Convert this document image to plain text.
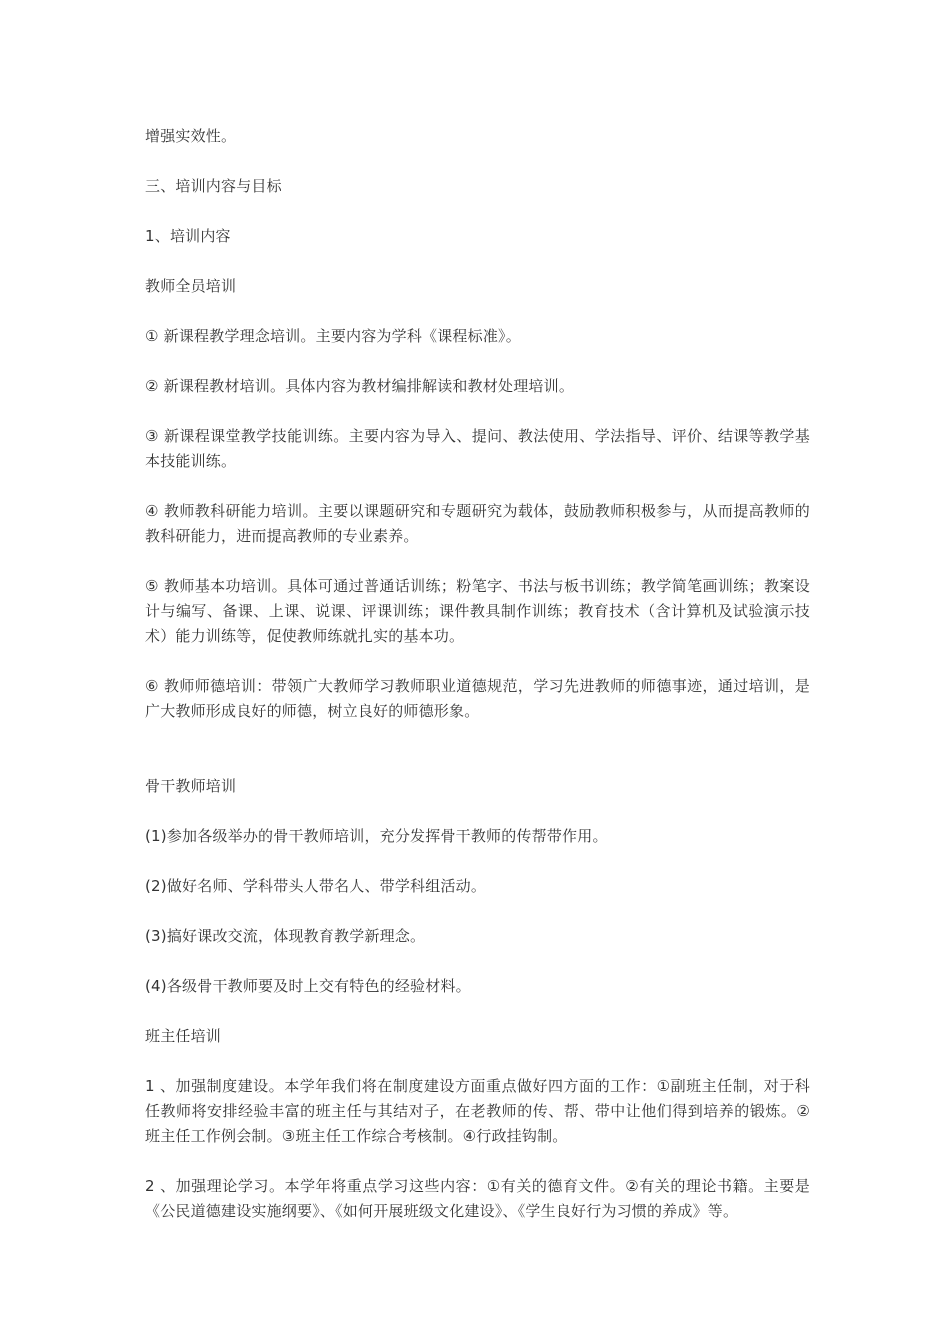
增强实效性。

三、培训内容与目标

1、培训内容

教师全员培训

① 新课程教学理念培训。主要内容为学科《课程标准》。

② 新课程教材培训。具体内容为教材编排解读和教材处理培训。

③ 新课程课堂教学技能训练。主要内容为导入、提问、教法使用、学法指导、评价、结课等教学基本技能训练。

④ 教师教科研能力培训。主要以课题研究和专题研究为载体，鼓励教师积极参与，从而提高教师的教科研能力，进而提高教师的专业素养。

⑤ 教师基本功培训。具体可通过普通话训练；粉笔字、书法与板书训练；教学简笔画训练；教案设计与编写、备课、上课、说课、评课训练；课件教具制作训练；教育技术（含计算机及试验演示技术）能力训练等，促使教师练就扎实的基本功。

⑥ 教师师德培训：带领广大教师学习教师职业道德规范，学习先进教师的师德事迹，通过培训，是广大教师形成良好的师德，树立良好的师德形象。

骨干教师培训

(1)参加各级举办的骨干教师培训，充分发挥骨干教师的传帮带作用。

(2)做好名师、学科带头人带名人、带学科组活动。

(3)搞好课改交流，体现教育教学新理念。

(4)各级骨干教师要及时上交有特色的经验材料。

班主任培训

1 、加强制度建设。本学年我们将在制度建设方面重点做好四方面的工作：①副班主任制，对于科任教师将安排经验丰富的班主任与其结对子，在老教师的传、帮、带中让他们得到培养的锻炼。②班主任工作例会制。③班主任工作综合考核制。④行政挂钩制。

2 、加强理论学习。本学年将重点学习这些内容：①有关的德育文件。②有关的理论书籍。主要是《公民道德建设实施纲要》、《如何开展班级文化建设》、《学生良好行为习惯的养成》等。
